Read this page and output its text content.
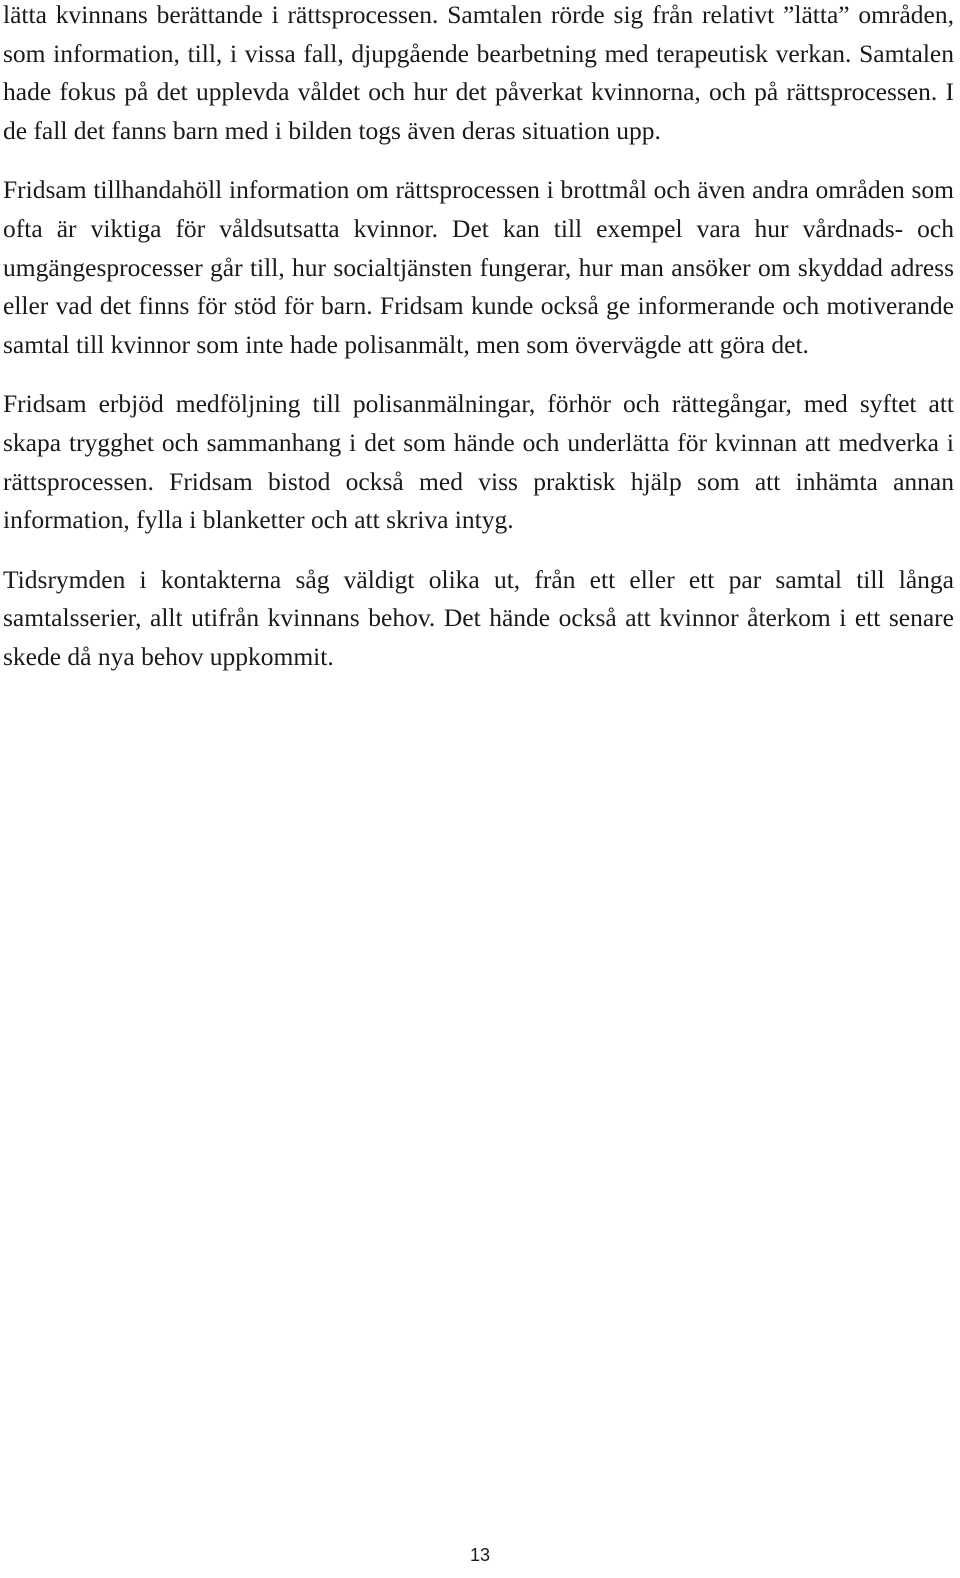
lätta kvinnans berättande i rättsprocessen. Samtalen rörde sig från relativt ”lätta” områden, som information, till, i vissa fall, djupgående bearbetning med terapeutisk verkan. Samtalen hade fokus på det upplevda våldet och hur det påverkat kvinnorna, och på rättsprocessen. I de fall det fanns barn med i bilden togs även deras situation upp.

Fridsam tillhandahöll information om rättsprocessen i brottmål och även andra områden som ofta är viktiga för våldsutsatta kvinnor. Det kan till exempel vara hur vårdnads- och umgängesprocesser går till, hur socialtjänsten fungerar, hur man ansöker om skyddad adress eller vad det finns för stöd för barn. Fridsam kunde också ge informerande och motiverande samtal till kvinnor som inte hade polisanmält, men som övervägde att göra det.

Fridsam erbjöd medföljning till polisanmälningar, förhör och rättegångar, med syftet att skapa trygghet och sammanhang i det som hände och underlätta för kvinnan att medverka i rättsprocessen. Fridsam bistod också med viss praktisk hjälp som att inhämta annan information, fylla i blanketter och att skriva intyg.

Tidsrymden i kontakterna såg väldigt olika ut, från ett eller ett par samtal till långa samtalsserier, allt utifrån kvinnans behov. Det hände också att kvinnor återkom i ett senare skede då nya behov uppkommit.

13
